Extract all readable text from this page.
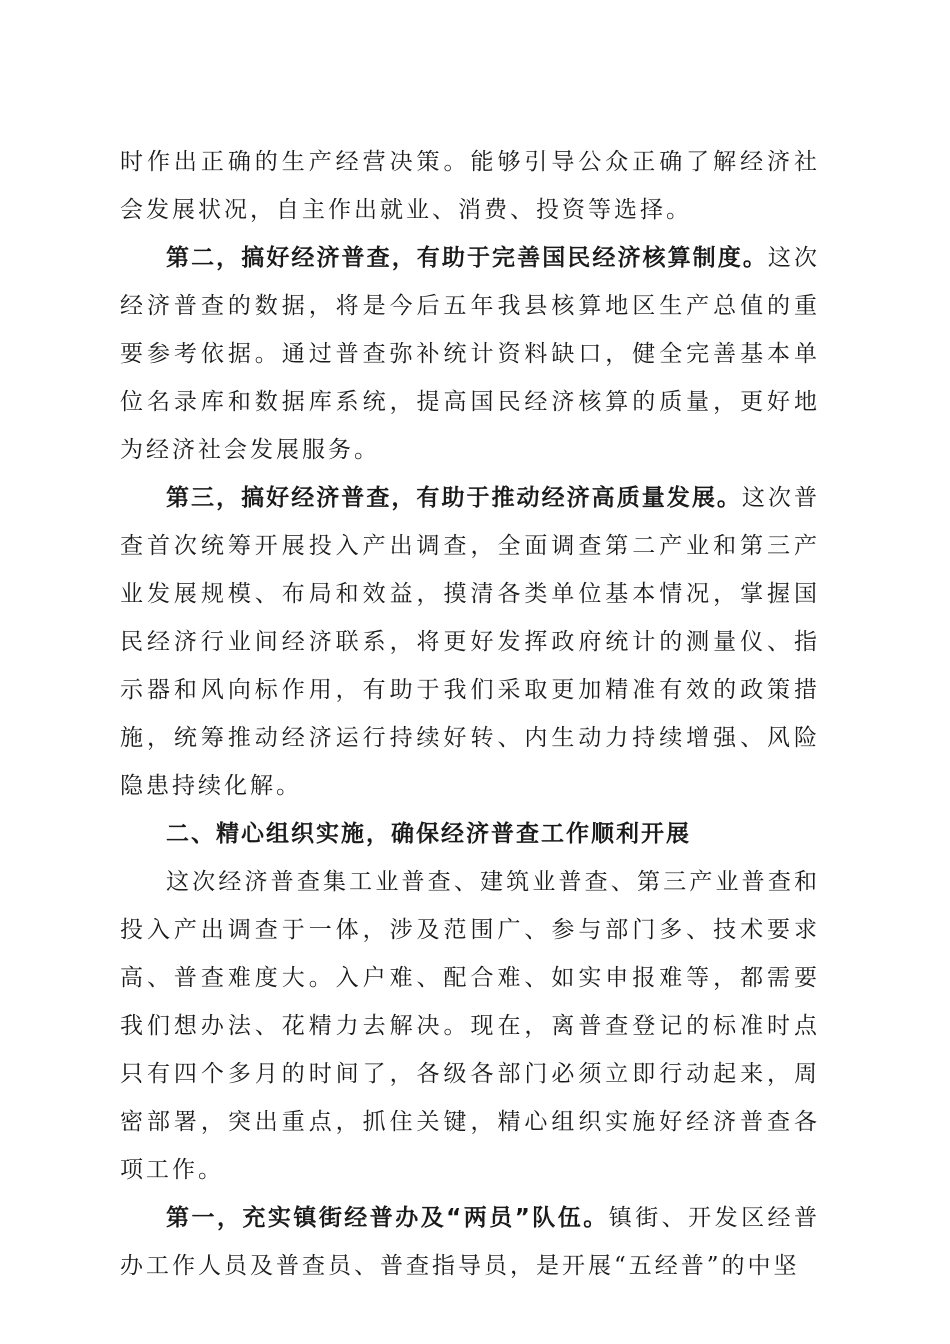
时作出正确的生产经营决策。能够引导公众正确了解经济社会发展状况，自主作出就业、消费、投资等选择。

第二，搞好经济普查，有助于完善国民经济核算制度。这次经济普查的数据，将是今后五年我县核算地区生产总值的重要参考依据。通过普查弥补统计资料缺口，健全完善基本单位名录库和数据库系统，提高国民经济核算的质量，更好地为经济社会发展服务。

第三，搞好经济普查，有助于推动经济高质量发展。这次普查首次统筹开展投入产出调查，全面调查第二产业和第三产业发展规模、布局和效益，摸清各类单位基本情况，掌握国民经济行业间经济联系，将更好发挥政府统计的测量仪、指示器和风向标作用，有助于我们采取更加精准有效的政策措施，统筹推动经济运行持续好转、内生动力持续增强、风险隐患持续化解。

二、精心组织实施，确保经济普查工作顺利开展

这次经济普查集工业普查、建筑业普查、第三产业普查和投入产出调查于一体，涉及范围广、参与部门多、技术要求高、普查难度大。入户难、配合难、如实申报难等，都需要我们想办法、花精力去解决。现在，离普查登记的标准时点只有四个多月的时间了，各级各部门必须立即行动起来，周密部署，突出重点，抓住关键，精心组织实施好经济普查各项工作。

第一，充实镇街经普办及“两员”队伍。镇街、开发区经普办工作人员及普查员、普查指导员，是开展“五经普”的中坚
